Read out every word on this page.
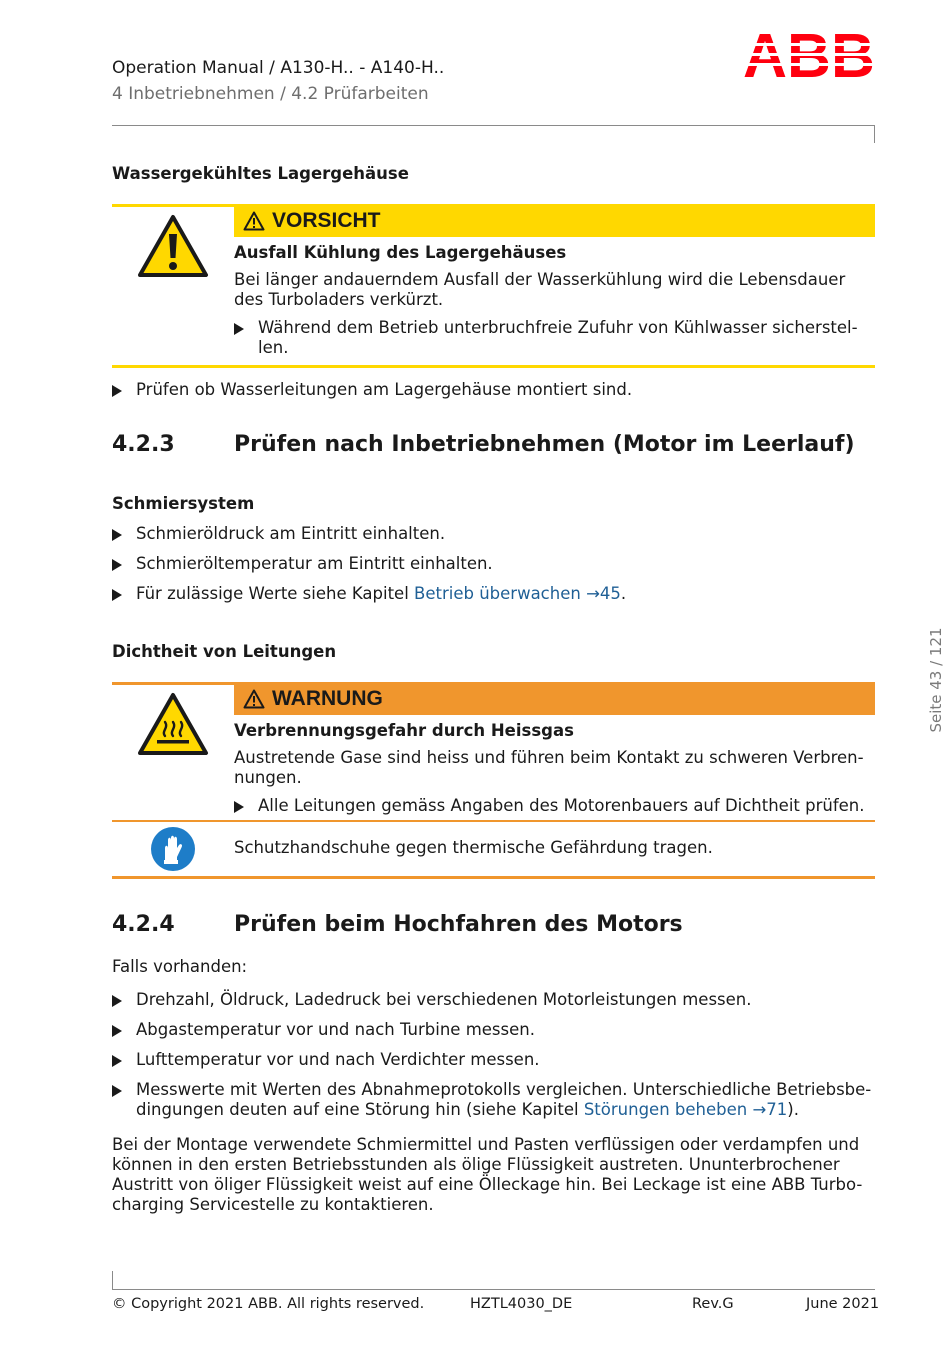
Operation Manual / A130-H.. - A140-H..
4 Inbetriebnehmen / 4.2 Prüfarbeiten
Wassergekühltes Lagergehäuse
VORSICHT
Ausfall Kühlung des Lagergehäuses
Bei länger andauerndem Ausfall der Wasserkühlung wird die Lebensdauer
des Turboladers verkürzt.
Während dem Betrieb unterbruchfreie Zufuhr von Kühlwasser sicherstel-
len.
Prüfen ob Wasserleitungen am Lagergehäuse montiert sind.
4.2.3	Prüfen nach Inbetriebnehmen (Motor im Leerlauf)
Schmiersystem
Schmieröldruck am Eintritt einhalten.
Schmieröltemperatur am Eintritt einhalten.
Für zulässige Werte siehe Kapitel Betrieb überwachen →45.
Dichtheit von Leitungen
WARNUNG
Verbrennungsgefahr durch Heissgas
Austretende Gase sind heiss und führen beim Kontakt zu schweren Verbren-
nungen.
Alle Leitungen gemäss Angaben des Motorenbauers auf Dichtheit prüfen.
Schutzhandschuhe gegen thermische Gefährdung tragen.
4.2.4	Prüfen beim Hochfahren des Motors
Falls vorhanden:
Drehzahl, Öldruck, Ladedruck bei verschiedenen Motorleistungen messen.
Abgastemperatur vor und nach Turbine messen.
Lufttemperatur vor und nach Verdichter messen.
Messwerte mit Werten des Abnahmeprotokolls vergleichen. Unterschiedliche Betriebsbe-
dingungen deuten auf eine Störung hin (siehe Kapitel Störungen beheben →71).
Bei der Montage verwendete Schmiermittel und Pasten verflüssigen oder verdampfen und
können in den ersten Betriebsstunden als ölige Flüssigkeit austreten. Ununterbrochener
Austritt von öliger Flüssigkeit weist auf eine Ölleckage hin. Bei Leckage ist eine ABB Turbo-
charging Servicestelle zu kontaktieren.
Seite 43 / 121
© Copyright 2021 ABB. All rights reserved.	HZTL4030_DE	Rev.G	June 2021
